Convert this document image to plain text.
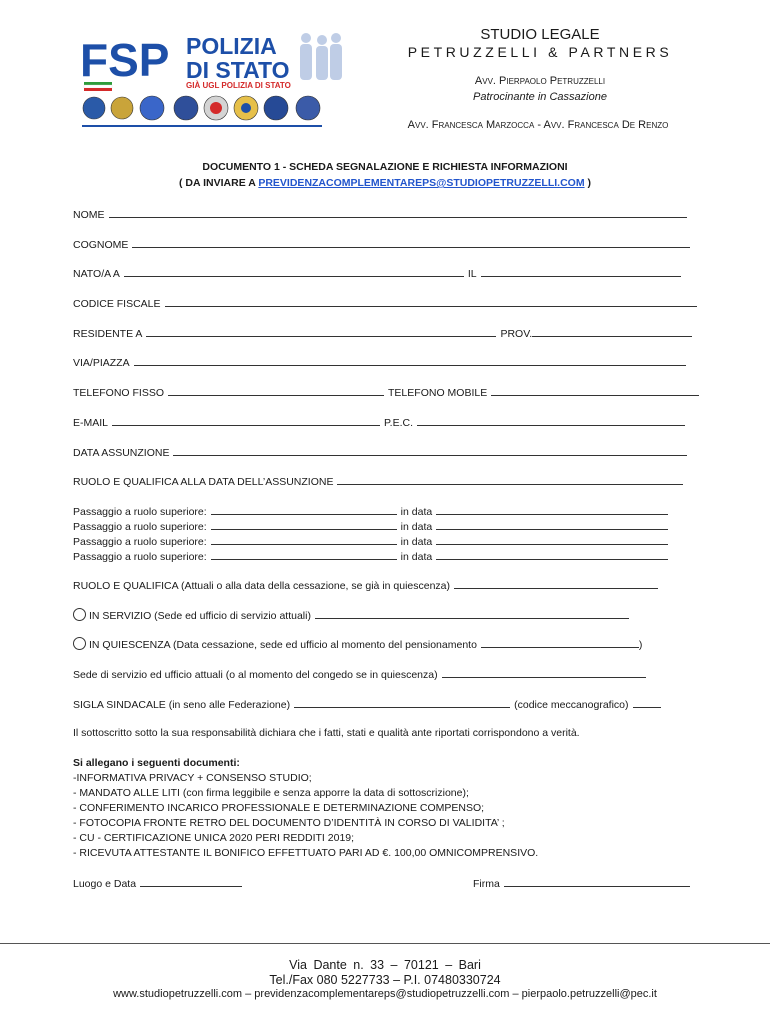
FSP POLIZIA
DI STATO
GIÀ UGL POLIZIA DI STATO
STUDIO LEGALE
PETRUZZELLI & PARTNERS
Avv. Pierpaolo Petruzzelli
Patrocinante in Cassazione
Avv. Francesca Marzocca - Avv. Francesca De Renzo
DOCUMENTO 1 - SCHEDA SEGNALAZIONE E RICHIESTA INFORMAZIONI
( DA INVIARE A PREVIDENZACOMPLEMENTAREPS@STUDIOPETRUZZELLI.COM )
NOME
COGNOME
NATO/A A	IL
CODICE FISCALE
RESIDENTE A	PROV.
VIA/PIAZZA
TELEFONO FISSO	TELEFONO MOBILE
E-MAIL	P.E.C.
DATA ASSUNZIONE
RUOLO E QUALIFICA ALLA DATA DELL’ASSUNZIONE
Passaggio a ruolo superiore:	in data
Passaggio a ruolo superiore:	in data
Passaggio a ruolo superiore:	in data
Passaggio a ruolo superiore:	in data
RUOLO E QUALIFICA (Attuali o alla data della cessazione, se già in quiescenza)
IN SERVIZIO (Sede ed ufficio di servizio attuali)
IN QUIESCENZA (Data cessazione, sede ed ufficio al momento del pensionamento	)
Sede di servizio ed ufficio attuali (o al momento del congedo se in quiescenza)
SIGLA SINDACALE (in seno alle Federazione)	(codice meccanografico)
Il sottoscritto sotto la sua responsabilità dichiara che i fatti, stati e qualità ante riportati corrispondono a verità.
Si allegano i seguenti documenti:
-INFORMATIVA PRIVACY + CONSENSO STUDIO;
- MANDATO ALLE LITI (con firma leggibile e senza apporre la data di sottoscrizione);
- CONFERIMENTO INCARICO PROFESSIONALE E DETERMINAZIONE COMPENSO;
- FOTOCOPIA FRONTE RETRO DEL DOCUMENTO D’IDENTITÀ IN CORSO DI VALIDITA’ ;
- CU - CERTIFICAZIONE UNICA 2020 PERI REDDITI 2019;
- RICEVUTA ATTESTANTE IL BONIFICO EFFETTUATO PARI AD €. 100,00 OMNICOMPRENSIVO.
Luogo e Data	Firma
Via Dante n. 33 – 70121 – Bari
Tel./Fax 080 5227733 – P.I. 07480330724
www.studiopetruzzelli.com – previdenzacomplementareps@studiopetruzzelli.com – pierpaolo.petruzzelli@pec.it
